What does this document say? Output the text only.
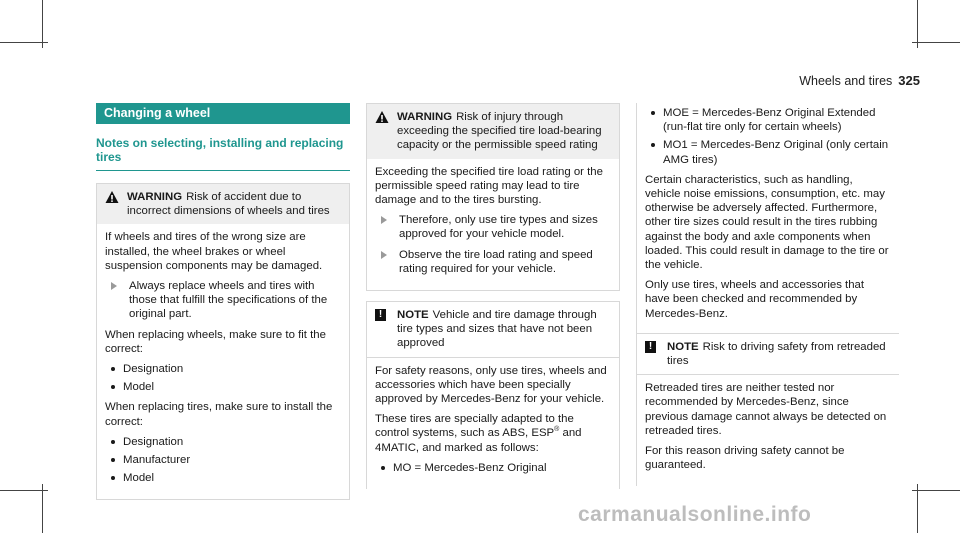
Wheels and tires 325
Changing a wheel
Notes on selecting, installing and replacing tires
WARNING Risk of accident due to incorrect dimensions of wheels and tires

If wheels and tires of the wrong size are installed, the wheel brakes or wheel suspension components may be damaged.

Always replace wheels and tires with those that fulfill the specifications of the original part.

When replacing wheels, make sure to fit the correct:

Designation
Model

When replacing tires, make sure to install the correct:

Designation
Manufacturer
Model
WARNING Risk of injury through exceeding the specified tire load-bearing capacity or the permissible speed rating

Exceeding the specified tire load rating or the permissible speed rating may lead to tire damage and to the tires bursting.

Therefore, only use tire types and sizes approved for your vehicle model.
Observe the tire load rating and speed rating required for your vehicle.
!	NOTE Vehicle and tire damage through tire types and sizes that have not been approved

For safety reasons, only use tires, wheels and accessories which have been specially approved by Mercedes-Benz for your vehicle.

These tires are specially adapted to the control systems, such as ABS, ESP® and 4MATIC, and marked as follows:

MO = Mercedes-Benz Original
MOE = Mercedes-Benz Original Extended (run-flat tire only for certain wheels)
MO1 = Mercedes-Benz Original (only certain AMG tires)

Certain characteristics, such as handling, vehicle noise emissions, consumption, etc. may otherwise be adversely affected. Furthermore, other tire sizes could result in the tires rubbing against the body and axle components when loaded. This could result in damage to the tire or the vehicle.

Only use tires, wheels and accessories that have been checked and recommended by Mercedes-Benz.

!	NOTE Risk to driving safety from retreaded tires

Retreaded tires are neither tested nor recommended by Mercedes-Benz, since previous damage cannot always be detected on retreaded tires.

For this reason driving safety cannot be guaranteed.

carmanualsonline.info
